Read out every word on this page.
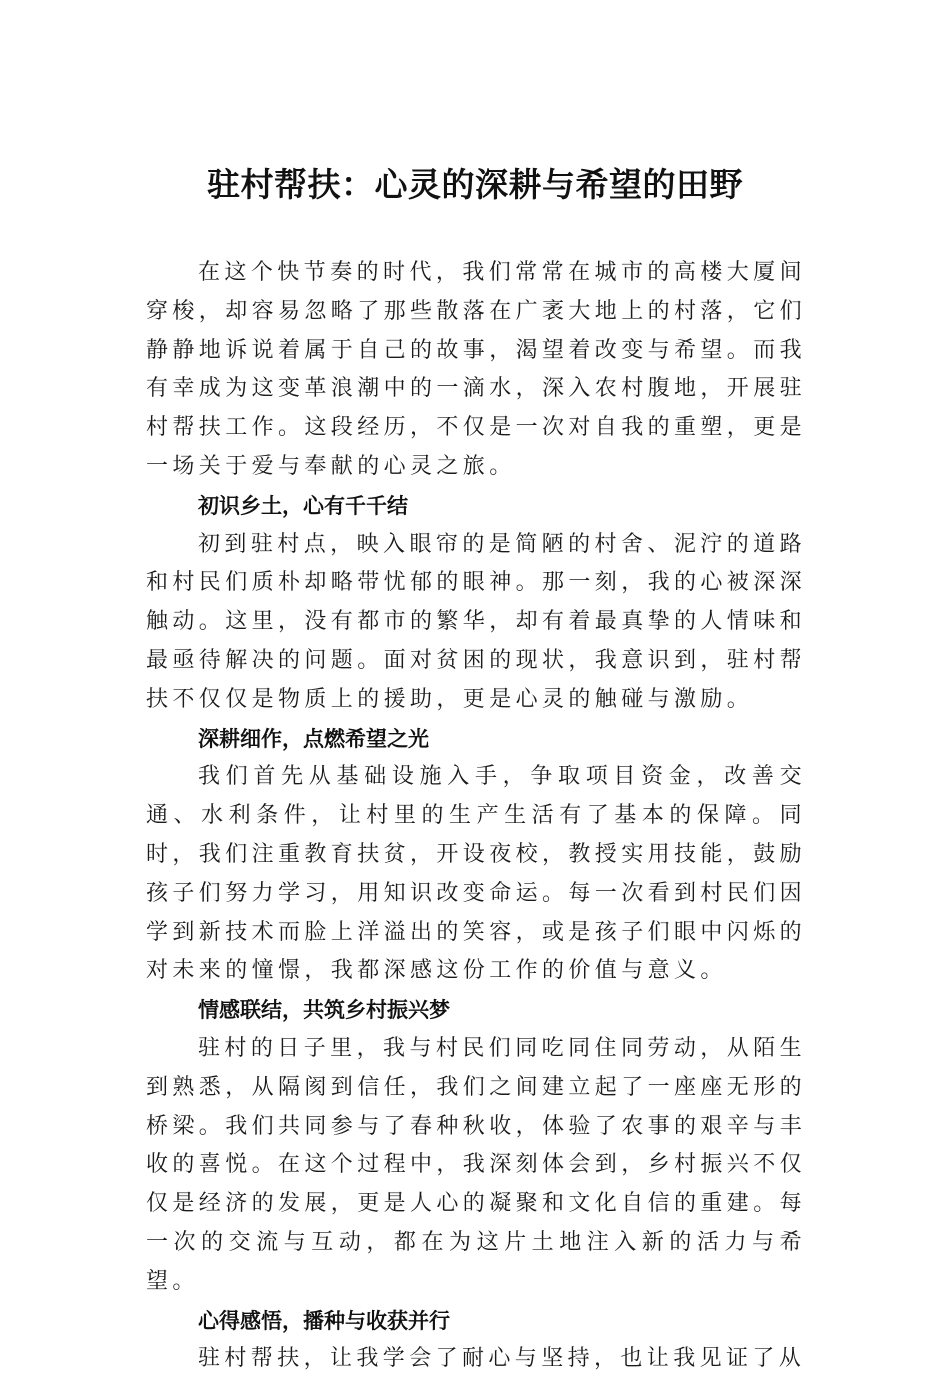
驻村帮扶：心灵的深耕与希望的田野

在这个快节奏的时代，我们常常在城市的高楼大厦间穿梭，却容易忽略了那些散落在广袤大地上的村落，它们静静地诉说着属于自己的故事，渴望着改变与希望。而我有幸成为这变革浪潮中的一滴水，深入农村腹地，开展驻村帮扶工作。这段经历，不仅是一次对自我的重塑，更是一场关于爱与奉献的心灵之旅。

初识乡土，心有千千结

初到驻村点，映入眼帘的是简陋的村舍、泥泞的道路和村民们质朴却略带忧郁的眼神。那一刻，我的心被深深触动。这里，没有都市的繁华，却有着最真挚的人情味和最亟待解决的问题。面对贫困的现状，我意识到，驻村帮扶不仅仅是物质上的援助，更是心灵的触碰与激励。

深耕细作，点燃希望之光

我们首先从基础设施入手，争取项目资金，改善交通、水利条件，让村里的生产生活有了基本的保障。同时，我们注重教育扶贫，开设夜校，教授实用技能，鼓励孩子们努力学习，用知识改变命运。每一次看到村民们因学到新技术而脸上洋溢出的笑容，或是孩子们眼中闪烁的对未来的憧憬，我都深感这份工作的价值与意义。

情感联结，共筑乡村振兴梦

驻村的日子里，我与村民们同吃同住同劳动，从陌生到熟悉，从隔阂到信任，我们之间建立起了一座座无形的桥梁。我们共同参与了春种秋收，体验了农事的艰辛与丰收的喜悦。在这个过程中，我深刻体会到，乡村振兴不仅仅是经济的发展，更是人心的凝聚和文化自信的重建。每一次的交流与互动，都在为这片土地注入新的活力与希望。

心得感悟，播种与收获并行

驻村帮扶，让我学会了耐心与坚持，也让我见证了从
